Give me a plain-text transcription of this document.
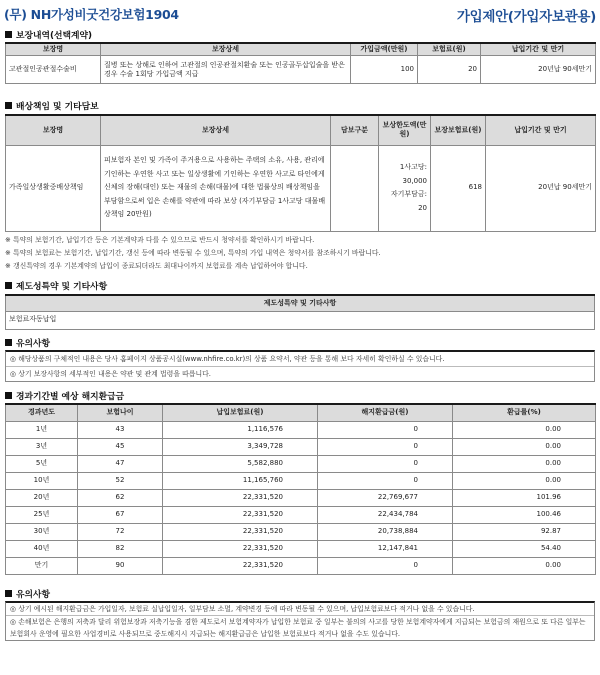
(무) NH가성비굿건강보험1904	가입제안(가입자보관용)
보장내역(선택계약)
보장명	보장상세	가입금액(만원)	보험료(원)	납입기간 및 만기
고관절인공관절수술비	질병 또는 상해로 인하여 고관절의 인공관절치환술 또는 인공골두삽입술을 받은 경우 수술 1회당 가입금액 지급	100	20	20년납 90세만기
배상책임 및 기타담보
보장명	보장상세	담보구분	보상한도액(만원)	보장보험료(원)	납입기간 및 만기
가족일상생활중배상책임	피보험자 본인 및 가족이 주거용으로 사용하는 주택의 소유, 사용, 관리에 기인하는 우연한 사고 또는 일상생활에 기인하는 우연한 사고로 타인에게 신체의 장해(대인) 또는 재물의 손해(대물)에 대한 법률상의 배상책임을 부담함으로써 입은 손해를 약관에 따라 보상 (자기부담금 1사고당 대물배상책임 20만원)		1사고당:
30,000
자기부담금:
20	618	20년납 90세만기
※ 특약의 보험기간, 납입기간 등은 기본계약과 다를 수 있으므로 반드시 청약서를 확인하시기 바랍니다.
※ 특약의 보험료는 보험기간, 납입기간, 갱신 등에 따라 변동될 수 있으며, 특약의 가입 내역은 청약서를 참조하시기 바랍니다.
※ 갱신특약의 경우 기본계약의 납입이 종료되더라도 최대나이까지 보험료를 계속 납입하여야 합니다.
제도성특약 및 기타사항
제도성특약 및 기타사항
보험료자동납입
유의사항
◎ 해당상품의 구체적인 내용은 당사 홈페이지 상품공시실(www.nhfire.co.kr)의 상품 요약서, 약관 등을 통해 보다 자세히 확인하실 수 있습니다.
◎ 상기 보장사항의 세부적인 내용은 약관 및 관계 법령을 따릅니다.
경과기간별 예상 해지환급금
경과년도	보험나이	납입보험료(원)	해지환급금(원)	환급률(%)
1년	43	1,116,576	0	0.00
3년	45	3,349,728	0	0.00
5년	47	5,582,880	0	0.00
10년	52	11,165,760	0	0.00
20년	62	22,331,520	22,769,677	101.96
25년	67	22,331,520	22,434,784	100.46
30년	72	22,331,520	20,738,884	92.87
40년	82	22,331,520	12,147,841	54.40
만기	90	22,331,520	0	0.00
유의사항
◎ 상기 예시된 해지환급금은 가입일자, 보험료 실납입일자, 일부담보 소멸, 계약변경 등에 따라 변동될 수 있으며, 납입보험료보다 적거나 없을 수 있습니다.
◎ 손해보험은 은행의 저축과 달리 위험보장과 저축기능을 겸한 제도로서 보험계약자가 납입한 보험료 중 일부는 불의의 사고를 당한 보험계약자에게 지급되는 보험금의 재원으로 또 다른 일부는 보험회사 운영에 필요한 사업경비로 사용되므로 중도해지시 지급되는 해지환급금은 납입한 보험료보다 적거나 없을 수도 있습니다.
